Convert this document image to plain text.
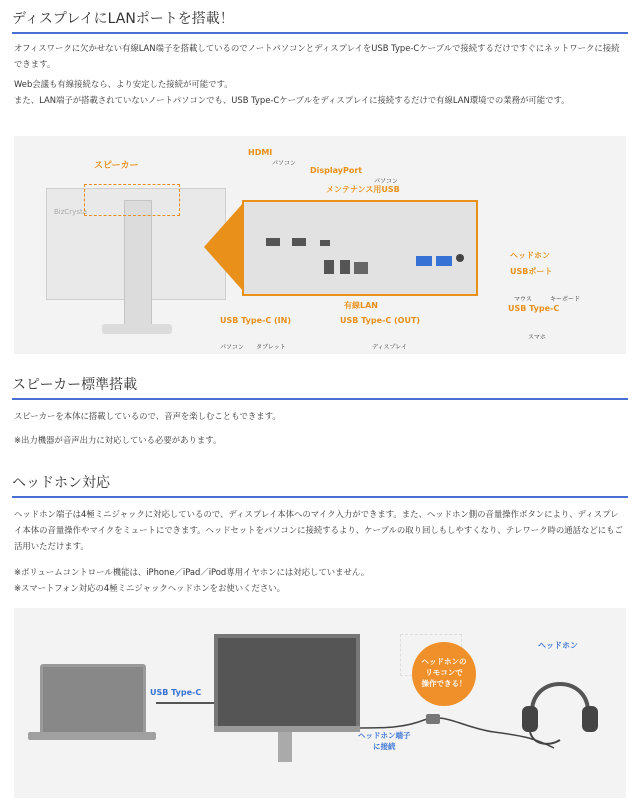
ディスプレイにLANポートを搭載！

オフィスワークに欠かせない有線LAN端子を搭載しているのでノートパソコンとディスプレイをUSB Type-Cケーブルで接続するだけですぐにネットワークに接続できます。

Web会議も有線接続なら、より安定した接続が可能です。

また、LAN端子が搭載されていないノートパソコンでも、USB Type-Cケーブルをディスプレイに接続するだけで有線LAN環境での業務が可能です。

BizCrysta
スピーカー
HDMI
パソコン
DisplayPort
パソコン
メンテナンス用USB
ヘッドホン
USBポート
マウス	キーボード
有線LAN	USB Type-C
スマホ
USB Type-C (IN)	USB Type-C (OUT)
パソコン タブレット	ディスプレイ
スピーカー標準搭載

スピーカーを本体に搭載しているので、音声を楽しむこともできます。

※出力機器が音声出力に対応している必要があります。

ヘッドホン対応

ヘッドホン端子は4極ミニジャックに対応しているので、ディスプレイ本体へのマイク入力ができます。また、ヘッドホン側の音量操作ボタンにより、ディスプレイ本体の音量操作やマイクをミュートにできます。ヘッドセットをパソコンに接続するより、ケーブルの取り回しもしやすくなり、テレワーク時の通話などにもご活用いただけます。

※ボリュームコントロール機能は、iPhone／iPad／iPod専用イヤホンには対応していません。

※スマートフォン対応の4極ミニジャックヘッドホンをお使いください。

USB Type-C
ヘッドホンの
リモコンで
操作できる！
ヘッドホン
ヘッドホン端子
に接続
